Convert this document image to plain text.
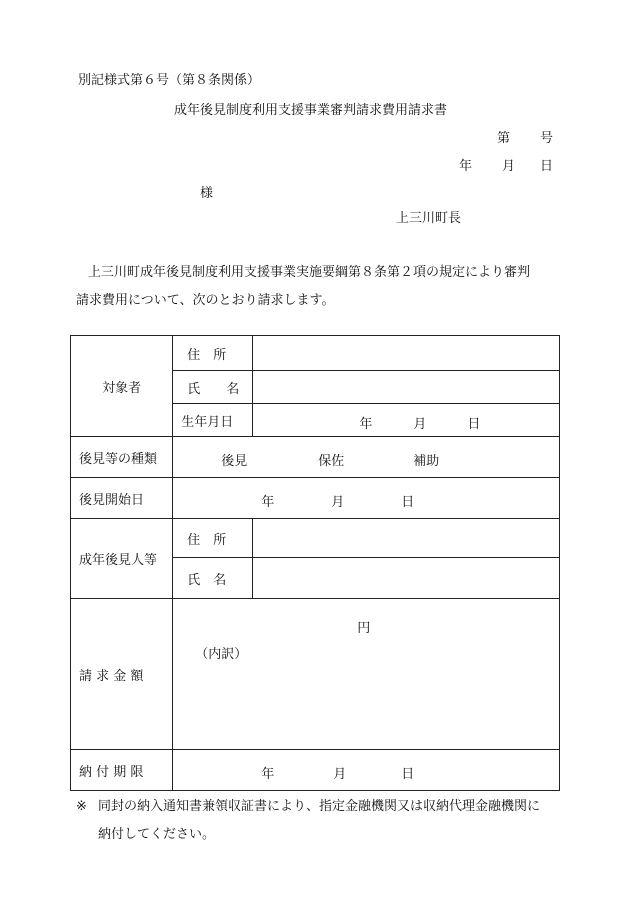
別記様式第６号（第８条関係）
成年後見制度利用支援事業審判請求費用請求書
第 号
年 月 日
様
上三川町長
上三川町成年後見制度利用支援事業実施要綱第８条第２項の規定により審判
請求費用について、次のとおり請求します。
対象者	住　所	
	氏　　名	
	生年月日	年 月 日

後見等の種類	後見 保佐 補助	

後見開始日	年 月 日	

成年後見人等	住　所	
	氏　名	
請 求 金 額	円
（内訳）	

納 付 期 限	年 月 日	
※ 同封の納入通知書兼領収証書により、指定金融機関又は収納代理金融機関に
納付してください。
